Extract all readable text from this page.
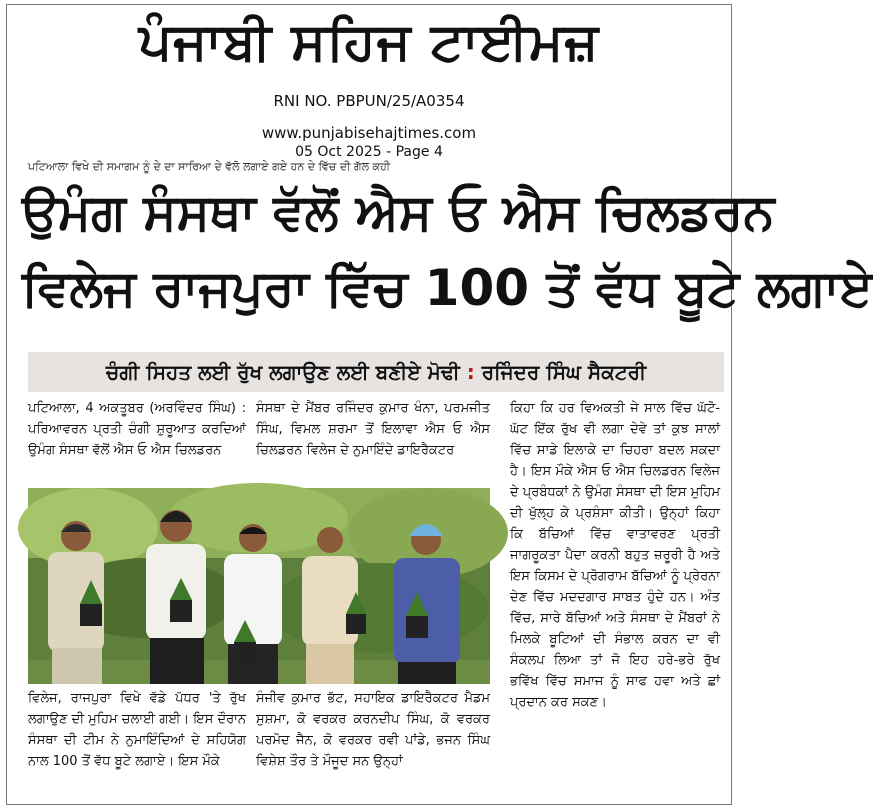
ਪੰਜਾਬੀ ਸਹਿਜ ਟਾਈਮਜ਼
RNI NO. PBPUN/25/A0354
www.punjabisehajtimes.com
05 Oct 2025 - Page 4
ਪਟਿਆਲਾ ਵਿਖੇ ਦੀ ਸਮਾਗਮ ਨੂੰ ਦੇ ਦਾ ਸਾਰਿਆ ਦੇ ਵੱਲੋ ਲਗਾਏ ਗਏ ਹਨ ਦੇ ਵਿੱਚ ਦੀ ਗੱਲ ਕਹੀ
ਉਮੰਗ ਸੰਸਥਾ ਵੱਲੋਂ ਐਸ ਓ ਐਸ ਚਿਲਡਰਨ
ਵਿਲੇਜ ਰਾਜਪੁਰਾ ਵਿੱਚ 100 ਤੋਂ ਵੱਧ ਬੂਟੇ ਲਗਾਏ
ਚੰਗੀ ਸਿਹਤ ਲਈ ਰੁੱਖ ਲਗਾਉਣ ਲਈ ਬਣੀਏ ਮੋਢੀ : ਰਜਿੰਦਰ ਸਿੰਘ ਸੈਕਟਰੀ

ਪਟਿਆਲਾ, 4 ਅਕਤੂਬਰ (ਅਰਵਿੰਦਰ ਸਿੰਘ) : ਪਰਿਆਵਰਨ ਪ੍ਰਤੀ ਚੰਗੀ ਸ਼ੁਰੂਆਤ ਕਰਦਿਆਂ ਉਮੰਗ ਸੰਸਥਾ ਵੱਲੋਂ ਐਸ ਓ ਐਸ ਚਿਲਡਰਨ

ਸੰਸਥਾ ਦੇ ਮੈਂਬਰ ਰਜਿੰਦਰ ਕੁਮਾਰ ਖੰਨਾ, ਪਰਮਜੀਤ ਸਿੰਘ, ਵਿਮਲ ਸ਼ਰਮਾ ਤੋਂ ਇਲਾਵਾ ਐਸ ਓ ਐਸ ਚਿਲਡਰਨ ਵਿਲੇਜ ਦੇ ਨੁਮਾਇੰਦੇ ਡਾਇਰੈਕਟਰ

ਕਿਹਾ ਕਿ ਹਰ ਵਿਅਕਤੀ ਜੇ ਸਾਲ ਵਿੱਚ ਘੱਟੋ-ਘੱਟ ਇੱਕ ਰੁੱਖ ਵੀ ਲਗਾ ਦੇਵੇ ਤਾਂ ਕੁਝ ਸਾਲਾਂ ਵਿੱਚ ਸਾਡੇ ਇਲਾਕੇ ਦਾ ਚਿਹਰਾ ਬਦਲ ਸਕਦਾ ਹੈ। ਇਸ ਮੌਕੇ ਐਸ ਓ ਐਸ ਚਿਲਡਰਨ ਵਿਲੇਜ ਦੇ ਪ੍ਰਬੰਧਕਾਂ ਨੇ ਉਮੰਗ ਸੰਸਥਾ ਦੀ ਇਸ ਮੁਹਿਮ ਦੀ ਖੁੱਲ੍ਹ ਕੇ ਪ੍ਰਸ਼ੰਸਾ ਕੀਤੀ। ਉਨ੍ਹਾਂ ਕਿਹਾ ਕਿ ਬੱਚਿਆਂ ਵਿੱਚ ਵਾਤਾਵਰਣ ਪ੍ਰਤੀ ਜਾਗਰੂਕਤਾ ਪੈਦਾ ਕਰਨੀ ਬਹੁਤ ਜ਼ਰੂਰੀ ਹੈ ਅਤੇ ਇਸ ਕਿਸਮ ਦੇ ਪ੍ਰੋਗਰਾਮ ਬੱਚਿਆਂ ਨੂੰ ਪ੍ਰੇਰਨਾ ਦੇਣ ਵਿੱਚ ਮਦਦਗਾਰ ਸਾਬਤ ਹੁੰਦੇ ਹਨ। ਅੰਤ ਵਿੱਚ, ਸਾਰੇ ਬੱਚਿਆਂ ਅਤੇ ਸੰਸਥਾ ਦੇ ਮੈਂਬਰਾਂ ਨੇ ਮਿਲਕੇ ਬੂਟਿਆਂ ਦੀ ਸੰਭਾਲ ਕਰਨ ਦਾ ਵੀ ਸੰਕਲਪ ਲਿਆ ਤਾਂ ਜੋ ਇਹ ਹਰੇ-ਭਰੇ ਰੁੱਖ ਭਵਿੱਖ ਵਿੱਚ ਸਮਾਜ ਨੂੰ ਸਾਫ ਹਵਾ ਅਤੇ ਛਾਂ ਪ੍ਰਦਾਨ ਕਰ ਸਕਣ।

ਵਿਲੇਜ, ਰਾਜਪੁਰਾ ਵਿਖੇ ਵੱਡੇ ਪੱਧਰ 'ਤੇ ਰੁੱਖ ਲਗਾਉਣ ਦੀ ਮੁਹਿਮ ਚਲਾਈ ਗਈ। ਇਸ ਦੌਰਾਨ ਸੰਸਥਾ ਦੀ ਟੀਮ ਨੇ ਨੁਮਾਇੰਦਿਆਂ ਦੇ ਸਹਿਯੋਗ ਨਾਲ 100 ਤੋਂ ਵੱਧ ਬੂਟੇ ਲਗਾਏ। ਇਸ ਮੌਕੇ

ਸੰਜੀਵ ਕੁਮਾਰ ਭੱਟ, ਸਹਾਇਕ ਡਾਇਰੈਕਟਰ ਮੈਡਮ ਸੁਸ਼ਮਾ, ਕੋ ਵਰਕਰ ਕਰਨਦੀਪ ਸਿੰਘ, ਕੋ ਵਰਕਰ ਪਰਮੋਦ ਜੈਨ, ਕੋ ਵਰਕਰ ਰਵੀ ਪਾਂਡੇ, ਭਜਨ ਸਿੰਘ ਵਿਸ਼ੇਸ਼ ਤੌਰ ਤੇ ਮੌਜੂਦ ਸਨ ਉਨ੍ਹਾਂ
